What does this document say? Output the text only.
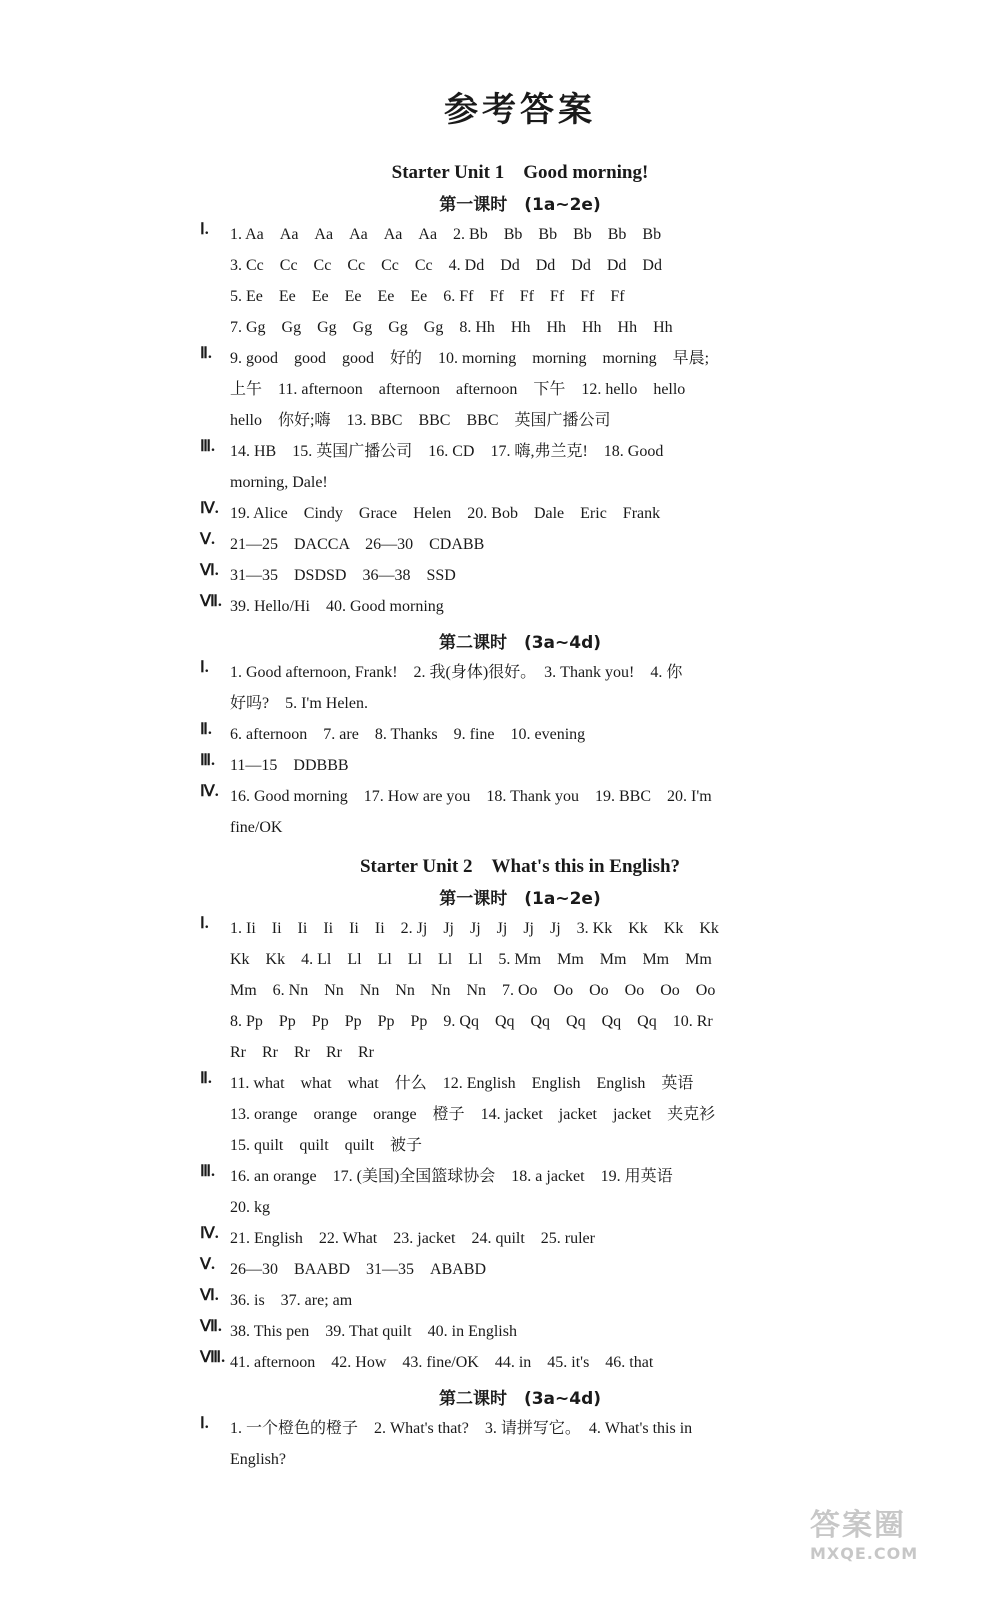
参考答案
Starter Unit 1　Good morning!
第一课时　(1a~2e)
Ⅰ. 1. Aa　Aa　Aa　Aa　Aa　Aa　2. Bb　Bb　Bb　Bb　Bb　Bb
3. Cc　Cc　Cc　Cc　Cc　Cc　4. Dd　Dd　Dd　Dd　Dd　Dd
5. Ee　Ee　Ee　Ee　Ee　Ee　6. Ff　Ff　Ff　Ff　Ff　Ff
7. Gg　Gg　Gg　Gg　Gg　Gg　8. Hh　Hh　Hh　Hh　Hh　Hh
Ⅱ. 9. good　good　good　好的　10. morning　morning　morning　早晨;
上午　11. afternoon　afternoon　afternoon　下午　12. hello　hello
hello　你好;嗨　13. BBC　BBC　BBC　英国广播公司
Ⅲ. 14. HB　15. 英国广播公司　16. CD　17. 嗨,弗兰克!　18. Good
morning, Dale!
Ⅳ. 19. Alice　Cindy　Grace　Helen　20. Bob　Dale　Eric　Frank
Ⅴ. 21—25　DACCA　26—30　CDABB
Ⅵ. 31—35　DSDSD　36—38　SSD
Ⅶ. 39. Hello/Hi　40. Good morning
第二课时　(3a~4d)
Ⅰ. 1. Good afternoon, Frank!　2. 我(身体)很好。　3. Thank you!　4. 你
好吗?　5. I'm Helen.
Ⅱ. 6. afternoon　7. are　8. Thanks　9. fine　10. evening
Ⅲ. 11—15　DDBBB
Ⅳ. 16. Good morning　17. How are you　18. Thank you　19. BBC　20. I'm
fine/OK
Starter Unit 2　What's this in English?
第一课时　(1a~2e)
Ⅰ. 1. Ii　Ii　Ii　Ii　Ii　Ii　2. Jj　Jj　Jj　Jj　Jj　Jj　3. Kk　Kk　Kk　Kk
Kk　Kk　4. Ll　Ll　Ll　Ll　Ll　Ll　5. Mm　Mm　Mm　Mm　Mm
Mm　6. Nn　Nn　Nn　Nn　Nn　Nn　7. Oo　Oo　Oo　Oo　Oo　Oo
8. Pp　Pp　Pp　Pp　Pp　Pp　9. Qq　Qq　Qq　Qq　Qq　Qq　10. Rr
Rr　Rr　Rr　Rr　Rr
Ⅱ. 11. what　what　what　什么　12. English　English　English　英语
13. orange　orange　orange　橙子　14. jacket　jacket　jacket　夹克衫
15. quilt　quilt　quilt　被子
Ⅲ. 16. an orange　17. (美国)全国篮球协会　18. a jacket　19. 用英语
20. kg
Ⅳ. 21. English　22. What　23. jacket　24. quilt　25. ruler
Ⅴ. 26—30　BAABD　31—35　ABABD
Ⅵ. 36. is　37. are; am
Ⅶ. 38. This pen　39. That quilt　40. in English
Ⅷ. 41. afternoon　42. How　43. fine/OK　44. in　45. it's　46. that
第二课时　(3a~4d)
Ⅰ. 1. 一个橙色的橙子　2. What's that?　3. 请拼写它。　4. What's this in
English?
答案圈
MXQE.COM
